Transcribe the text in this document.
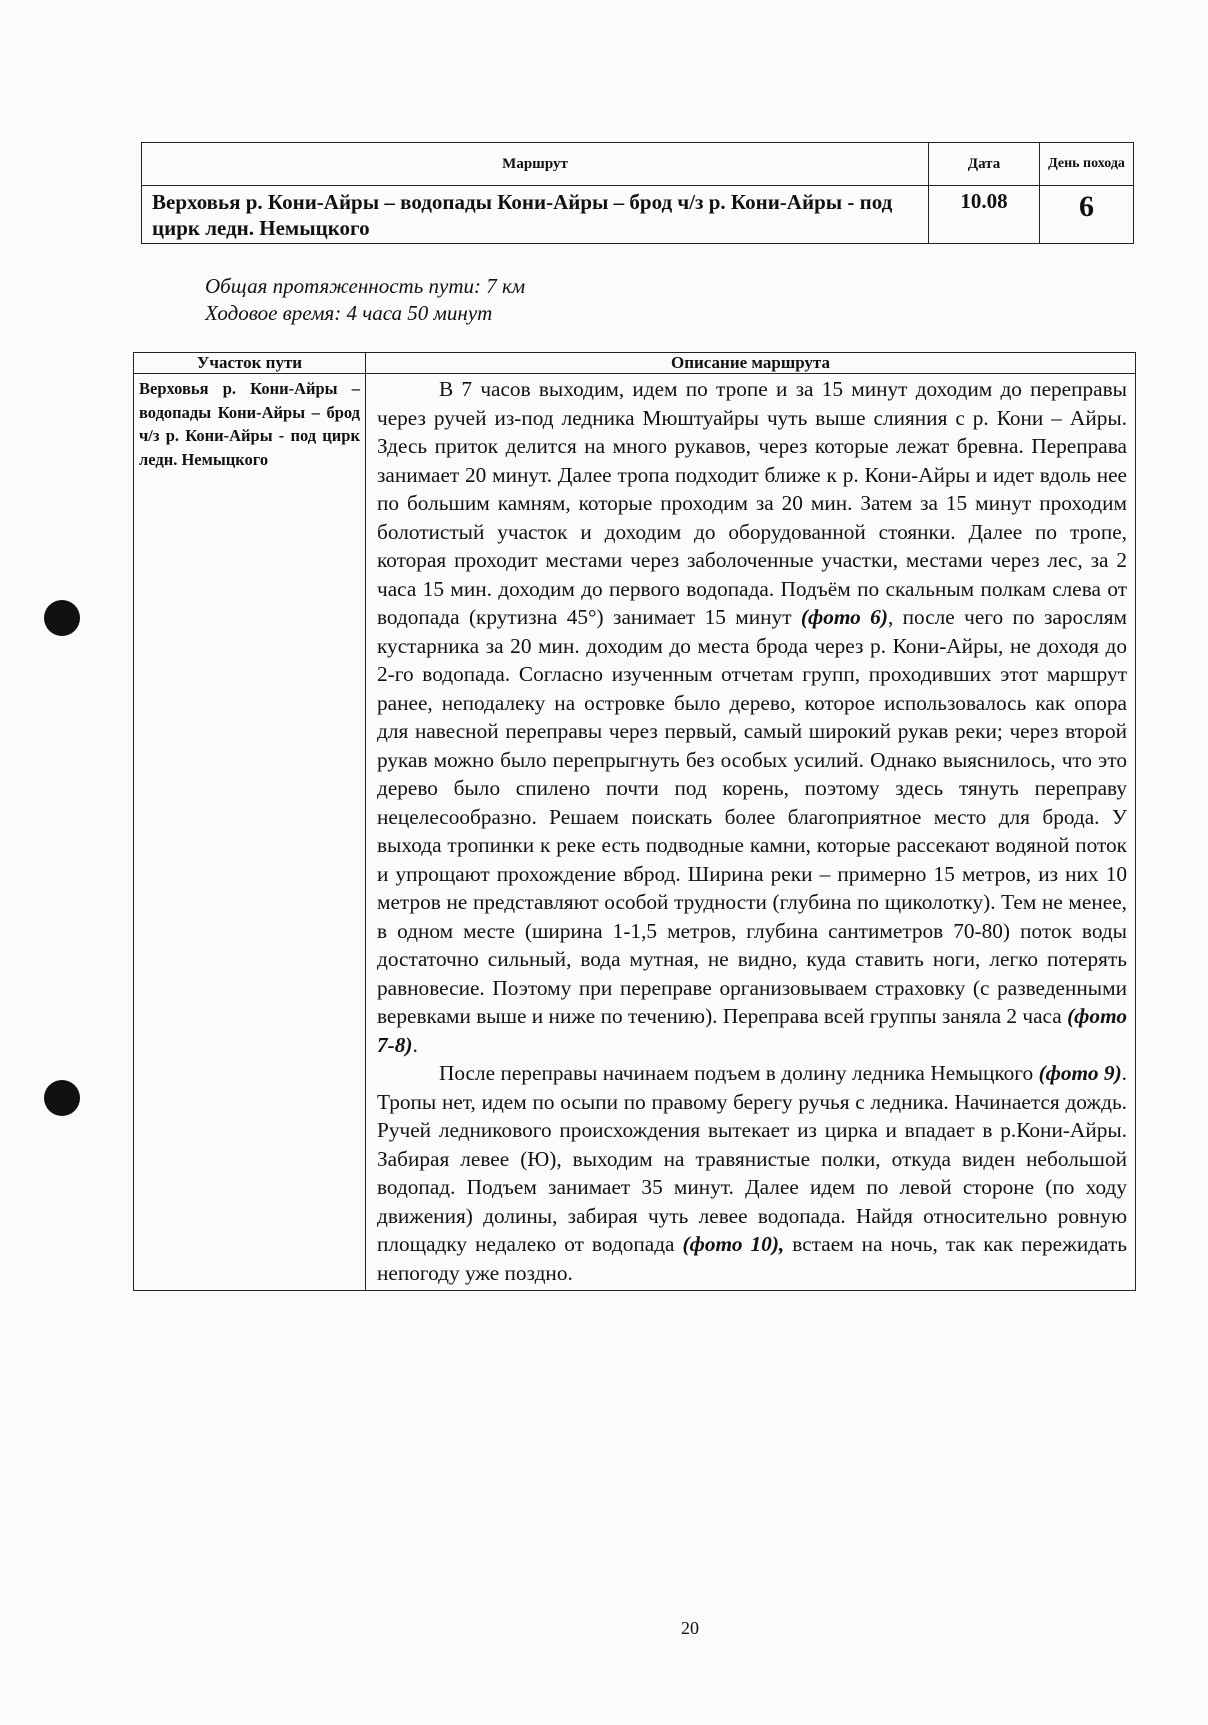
Маршрут	Дата	День похода
Верховья р. Кони-Айры – водопады Кони-Айры – брод ч/з р. Кони-Айры - под цирк ледн. Немыцкого	10.08	6
Общая протяженность пути: 7 км
Ходовое время: 4 часа 50 минут
Участок пути	Описание маршрута
Верховья р. Кони-Айры – водопады Кони-Айры – брод ч/з р. Кони-Айры - под цирк ледн. Немыцкого	В 7 часов выходим, идем по тропе и за 15 минут доходим до переправы через ручей из-под ледника Мюштуайры чуть выше слияния с р. Кони – Айры. Здесь приток делится на много рукавов, через которые лежат бревна. Переправа занимает 20 минут. Далее тропа подходит ближе к р. Кони-Айры и идет вдоль нее по большим камням, которые проходим за 20 мин. Затем за 15 минут проходим болотистый участок и доходим до оборудованной стоянки. Далее по тропе, которая проходит местами через заболоченные участки, местами через лес, за 2 часа 15 мин. доходим до первого водопада. Подъём по скальным полкам слева от водопада (крутизна 45°) занимает 15 минут (фото 6), после чего по зарослям кустарника за 20 мин. доходим до места брода через р. Кони-Айры, не доходя до 2-го водопада. Согласно изученным отчетам групп, проходивших этот маршрут ранее, неподалеку на островке было дерево, которое использовалось как опора для навесной переправы через первый, самый широкий рукав реки; через второй рукав можно было перепрыгнуть без особых усилий. Однако выяснилось, что это дерево было спилено почти под корень, поэтому здесь тянуть переправу нецелесообразно. Решаем поискать более благоприятное место для брода. У выхода тропинки к реке есть подводные камни, которые рассекают водяной поток и упрощают прохождение вброд. Ширина реки – примерно 15 метров, из них 10 метров не представляют особой трудности (глубина по щиколотку). Тем не менее, в одном месте (ширина 1-1,5 метров, глубина сантиметров 70-80) поток воды достаточно сильный, вода мутная, не видно, куда ставить ноги, легко потерять равновесие. Поэтому при переправе организовываем страховку (с разведенными веревками выше и ниже по течению). Переправа всей группы заняла 2 часа (фото 7-8).

После переправы начинаем подъем в долину ледника Немыцкого (фото 9). Тропы нет, идем по осыпи по правому берегу ручья с ледника. Начинается дождь. Ручей ледникового происхождения вытекает из цирка и впадает в р.Кони-Айры. Забирая левее (Ю), выходим на травянистые полки, откуда виден небольшой водопад. Подъем занимает 35 минут. Далее идем по левой стороне (по ходу движения) долины, забирая чуть левее водопада. Найдя относительно ровную площадку недалеко от водопада (фото 10), встаем на ночь, так как пережидать непогоду уже поздно.

20
